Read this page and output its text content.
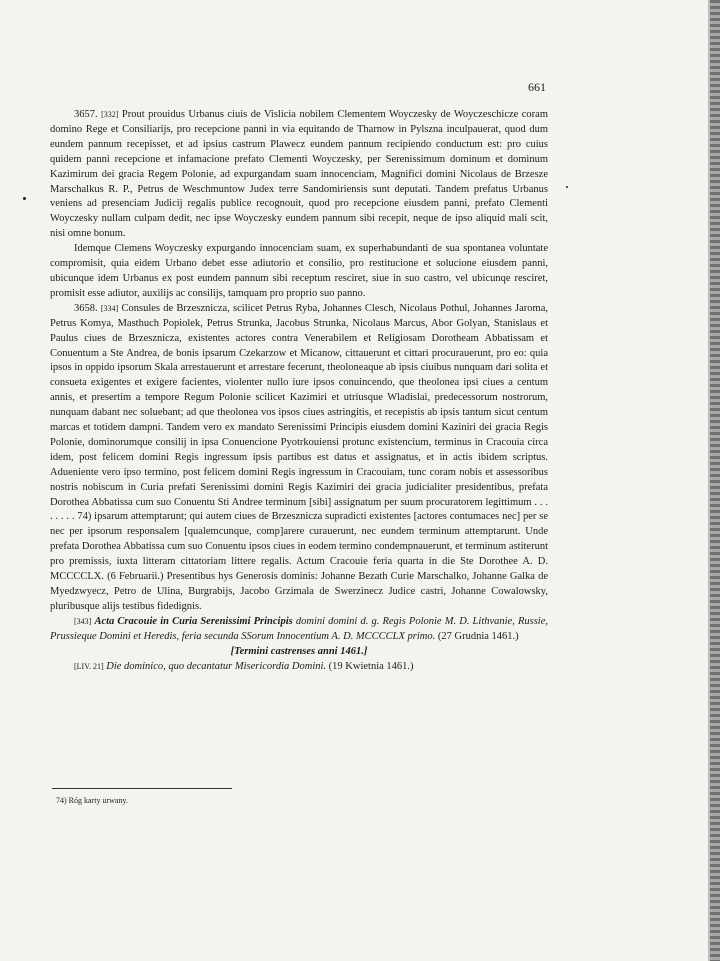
661

3657. [332] Prout prouidus Urbanus ciuis de Vislicia nobilem Clementem Woyczesky de Woyczeschicze coram domino Rege et Consiliarijs, pro recepcione panni in via equitando de Tharnow in Pylszna inculpauerat, quod dum eundem pannum recepisset, et ad ipsius castrum Plawecz eundem pannum recipiendo conductum est: pro cuius quidem panni recepcione et infamacione prefato Clementi Woyczesky, per Serenissimum dominum et dominum Kazimirum dei gracia Regem Polonie, ad expurgandam suam innocenciam, Magnifici domini Nicolaus de Brzesze Marschalkus R. P., Petrus de Weschmuntow Judex terre Sandomiriensis sunt deputati. Tandem prefatus Urbanus veniens ad presenciam Judicij regalis publice recognouit, quod pro recepcione eiusdem panni, prefato Clementi Woyczesky nullam culpam dedit, nec ipse Woyczesky eundem pannum sibi recepit, neque de ipso aliquid mali scit, nisi omne bonum.

Idemque Clemens Woyczesky expurgando innocenciam suam, ex superhabundanti de sua spontanea voluntate compromisit, quia eidem Urbano debet esse adiutorio et consilio, pro restitucione et solucione eiusdem panni, ubicunque idem Urbanus ex post eundem pannum sibi receptum resciret, siue in suo castro, vel ubicunqe resciret, promisit esse adiutor, auxilijs ac consilijs, tamquam pro proprio suo panno.

3658. [334] Consules de Brzesznicza, scilicet Petrus Ryba, Johannes Clesch, Nicolaus Pothul, Johannes Jaroma, Petrus Komya, Masthuch Popiolek, Petrus Strunka, Jacobus Strunka, Nicolaus Marcus, Abor Golyan, Stanislaus et Paulus ciues de Brzesznicza, existentes actores contra Venerabilem et Religiosam Dorotheam Abbatissam et Conuentum a Ste Andrea, de bonis ipsarum Czekarzow et Micanow, cittauerunt et cittari procurauerunt, pro eo: quia ipsos in oppido ipsorum Skala arrestauerunt et arrestare fecerunt, theoloneaque ab ipsis ciuibus nunquam dari solita et consueta exigentes et exigere facientes, violenter nullo iure ipsos conuincendo, que theolonea ipsi ciues a centum annis, et presertim a tempore Regum Polonie scilicet Kazimiri et utriusque Wladislai, predecessorum nostrorum, nunquam dabant nec soluebant; ad que theolonea vos ipsos ciues astringitis, et recepistis ab ipsis tantum sicut centum marcas et totidem dampni. Tandem vero ex mandato Serenissimi Principis eiusdem domini Kaziniri dei gracia Regis Polonie, dominorumque consilij in ipsa Conuencione Pyotrkouiensi protunc existencium, terminus in Cracouia circa idem, post felicem domini Regis ingressum ipsis partibus est datus et assignatus, et in actis ibidem scriptus. Adueniente vero ipso termino, post felicem domini Regis ingressum in Cracouiam, tunc coram nobis et assessoribus nostris nobiscum in Curia prefati Serenissimi domini Regis Kazimiri dei gracia judicialiter presidentibus, prefata Dorothea Abbatissa cum suo Conuentu Sti Andree terminum [sibi] assignatum per suum procuratorem legittimum . . . . . . . . 74) ipsarum attemptarunt; qui autem ciues de Brzesznicza supradicti existentes [actores contumaces nec] per se nec per ipsorum responsalem [qualemcunque, comp]arere curauerunt, nec eundem terminum attemptarunt. Unde prefata Dorothea Abbatissa cum suo Conuentu ipsos ciues in eodem termino condempnauerunt, et terminum astiterunt pro premissis, iuxta litteram cittatoriam littere regalis. Actum Cracouie feria quarta in die Ste Dorothee A. D. MCCCCLX. (6 Februarii.) Presentibus hys Generosis dominis: Johanne Bezath Curie Marschalko, Johanne Galka de Myedzwyecz, Petro de Ulina, Burgrabijs, Jacobo Grzimala de Swerzinecz Judice castri, Johanne Cowalowsky, pluribusque alijs testibus fidedignis.

[343] Acta Cracouie in Curia Serenissimi Principis domini domini d. g. Regis Polonie M. D. Lithvanie, Russie, Prussieque Domini et Heredis, feria secunda SSorum Innocentium A. D. MCCCCLX primo. (27 Grudnia 1461.)

[Termini castrenses anni 1461.]

[LIV. 21] Die dominico, quo decantatur Misericordia Domini. (19 Kwietnia 1461.)

74) Róg karty urwany.
